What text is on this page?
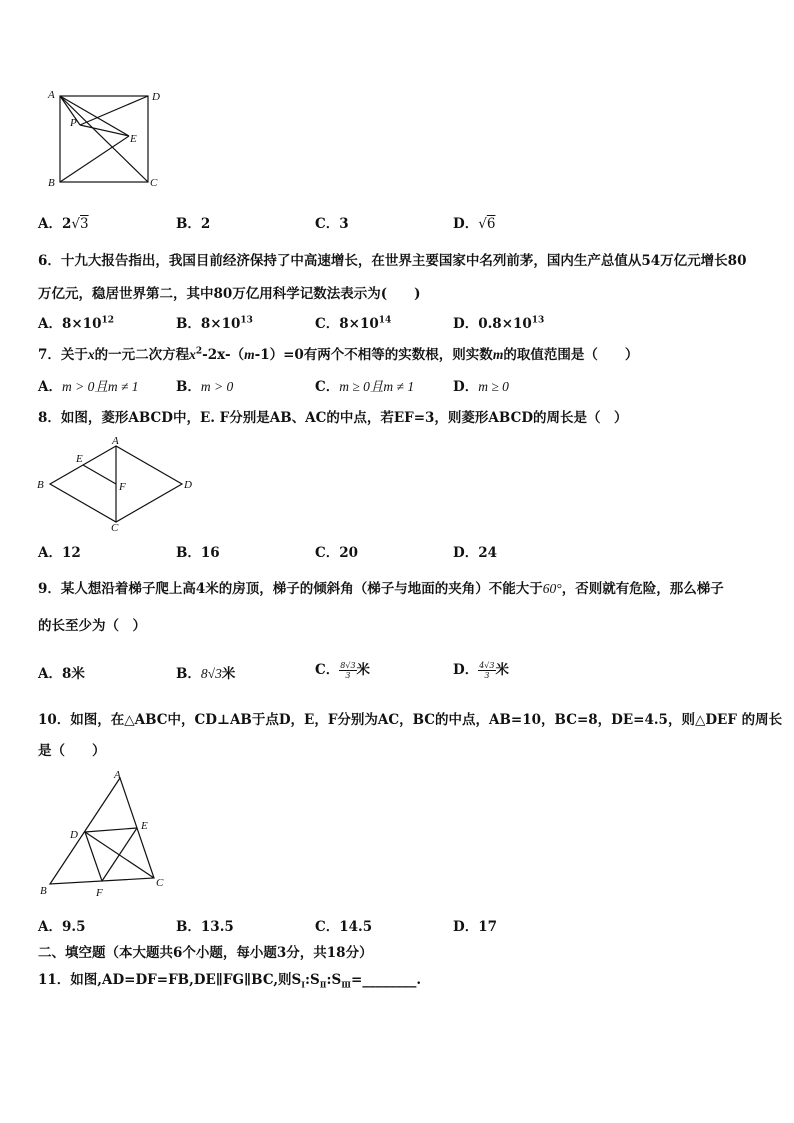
A	D
P
E
B	C
A．2√3	B．2	C．3	D．√6
6．十九大报告指出，我国目前经济保持了中高速增长，在世界主要国家中名列前茅，国内生产总值从54万亿元增长80
万亿元，稳居世界第二，其中80万亿用科学记数法表示为(　　)
A．$8\times 10^{12}$	B．$8\times 10^{13}$	C．$8\times 10^{14}$	D．$0.8\times 10^{13}$
7．关于x的一元二次方程$x^2-2x-(m-1)=0$有两个不相等的实数根，则实数m的取值范围是（　　）
A．m > 0且m ≠ 1	B．m > 0	C．m ≥ 0且m ≠ 1	D．m ≥ 0
8．如图，菱形ABCD中，E. F分别是AB、AC的中点，若EF=3，则菱形ABCD的周长是（　）
A
B
C
D
E
F
A．12	B．16	C．20	D．24
9．某人想沿着梯子爬上高4米的房顶，梯子的倾斜角（梯子与地面的夹角）不能大于60°，否则就有危险，那么梯子
的长至少为（　）
A．8米	B．8√3米	C． $\frac{8√3}{3}$ 米	D． $\frac{4√3}{3}$ 米
10．如图，在△ABC中，CD⊥AB于点D，E，F分别为AC，BC的中点，AB=10，BC=8，DE=4.5，则△DEF 的周长
是（　　）
A
B
C
D
E
F
A．9.5	B．13.5	C．14.5	D．17
二、填空题（本大题共6个小题，每小题3分，共18分）
11．如图,AD=DF=FB,DE∥FG∥BC,则$S_Ⅰ:S_Ⅱ:S_Ⅲ=\_\_\_\_\_\_\_\_$.
